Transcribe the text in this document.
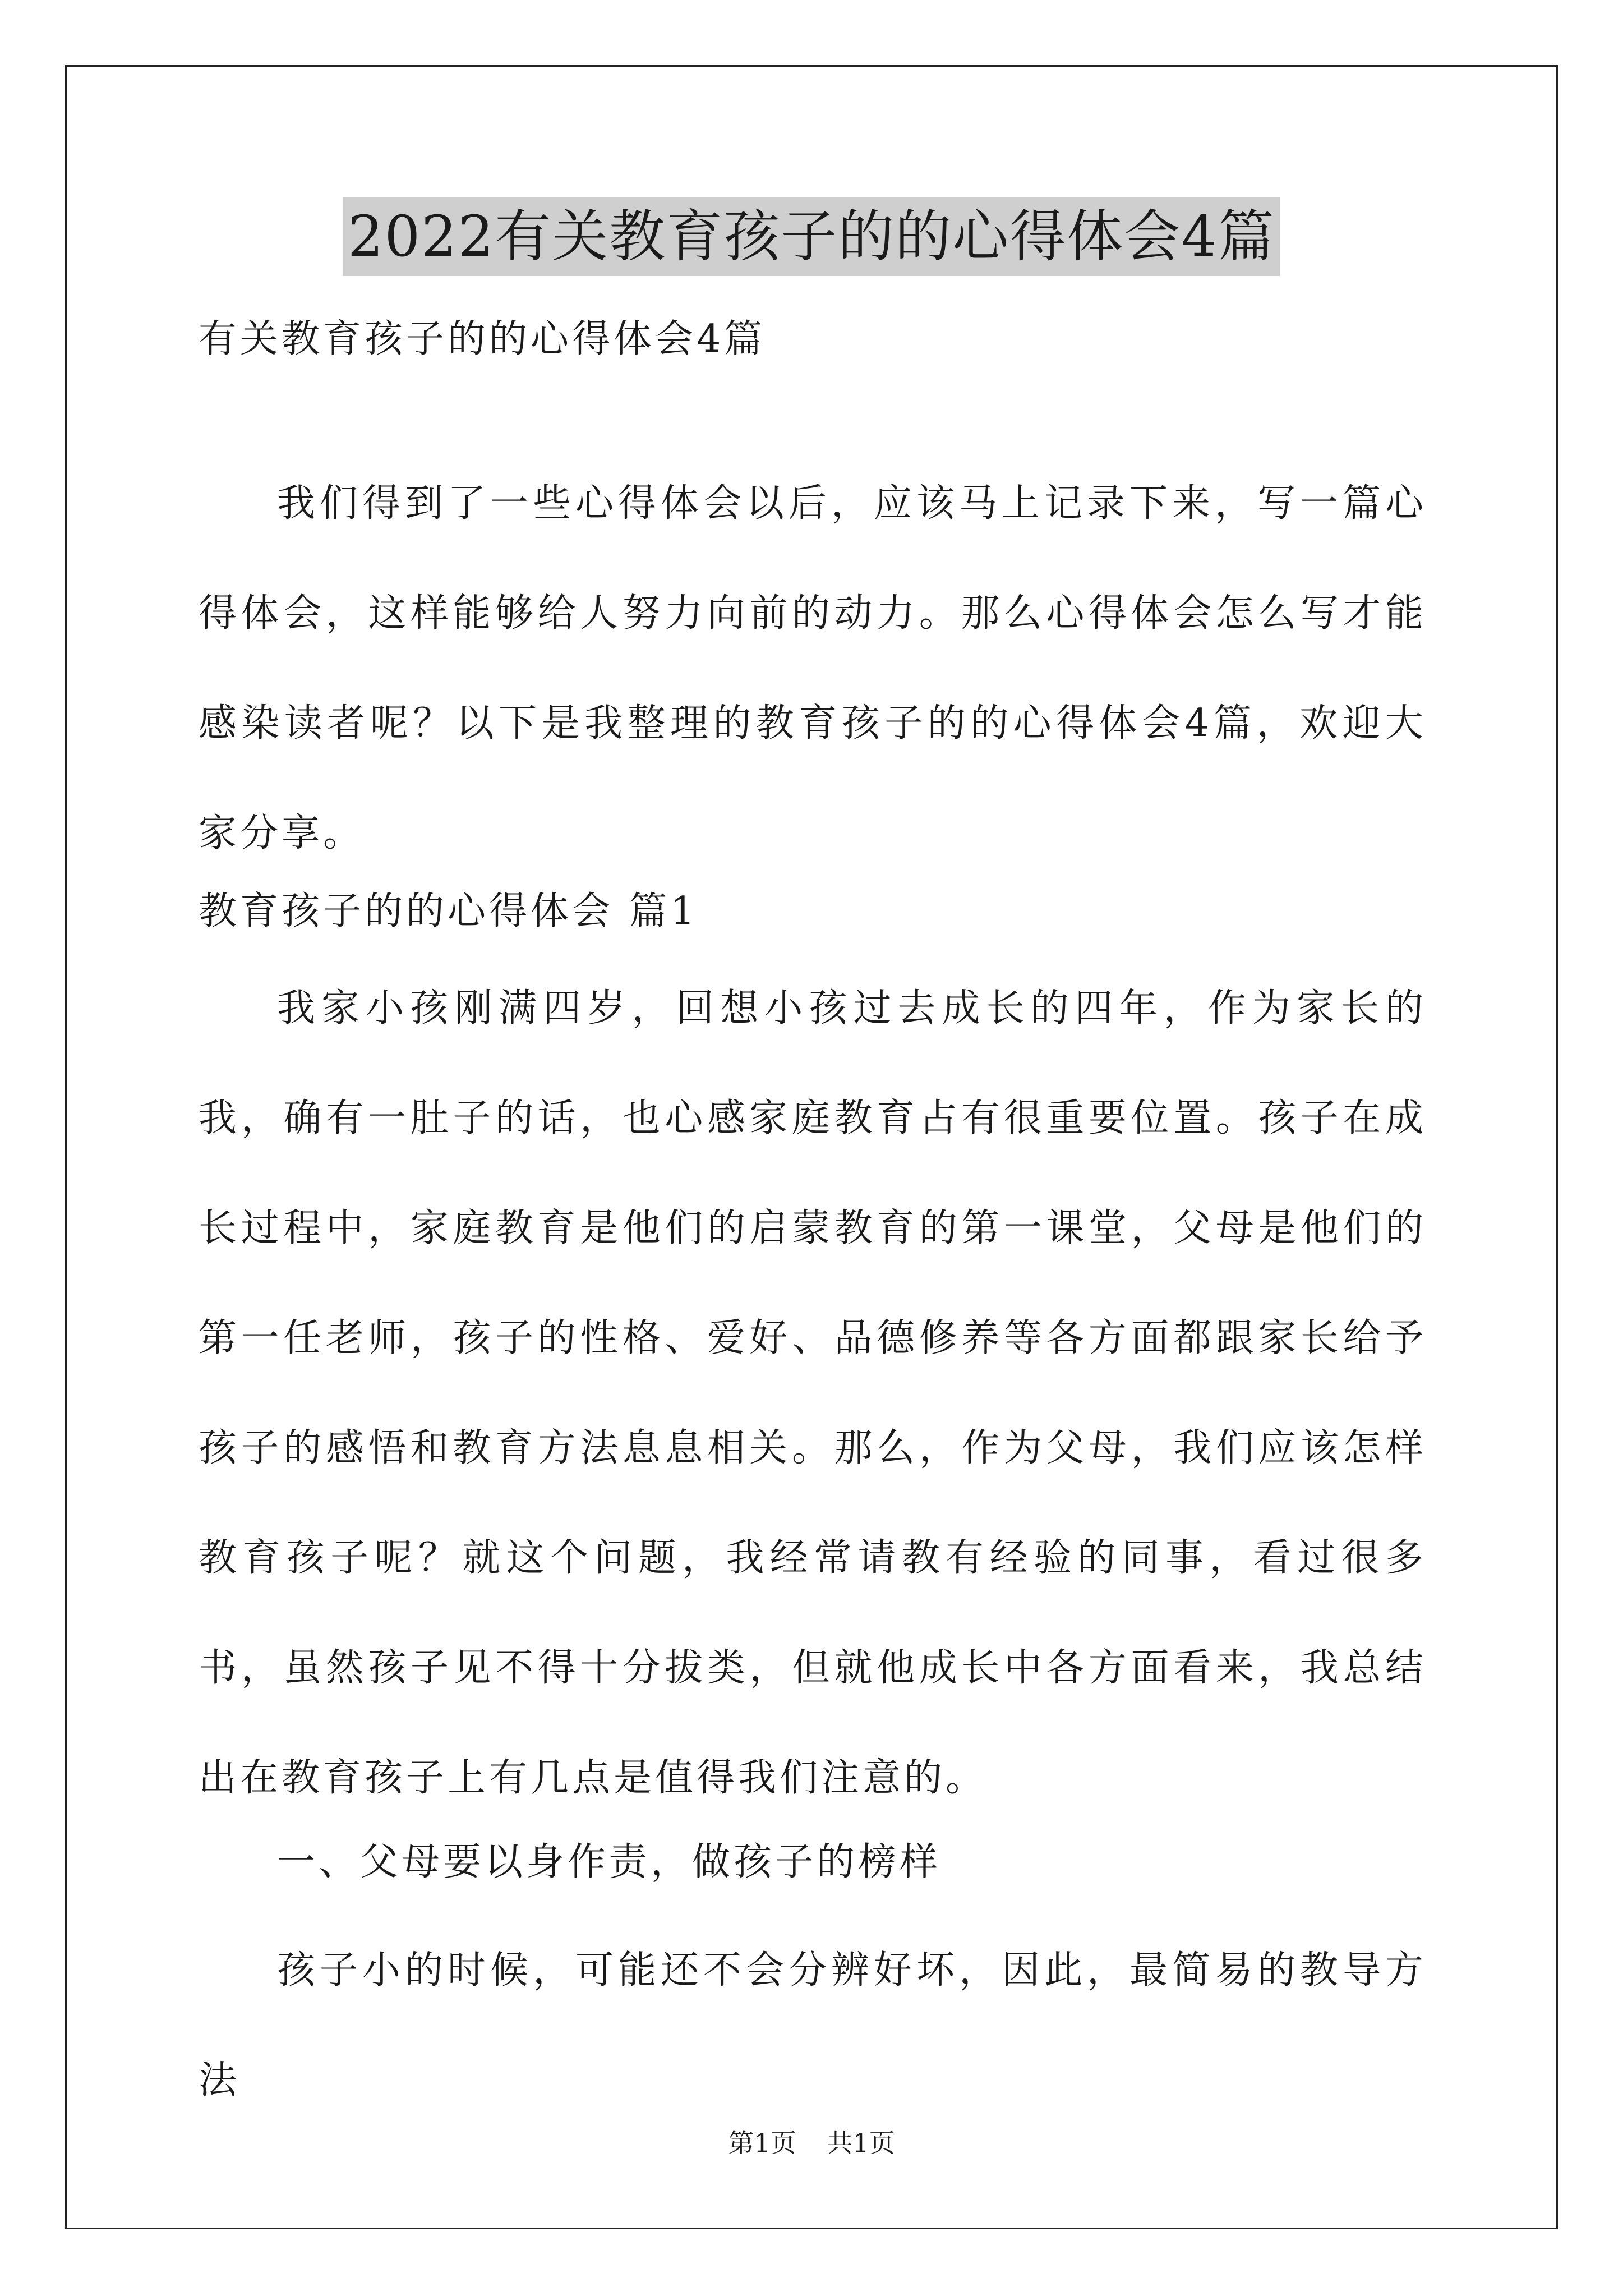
2022有关教育孩子的的心得体会4篇
有关教育孩子的的心得体会4篇
我们得到了一些心得体会以后，应该马上记录下来，写一篇心得体会，这样能够给人努力向前的动力。那么心得体会怎么写才能感染读者呢？以下是我整理的教育孩子的的心得体会4篇，欢迎大家分享。
教育孩子的的心得体会 篇1
我家小孩刚满四岁，回想小孩过去成长的四年，作为家长的我，确有一肚子的话，也心感家庭教育占有很重要位置。孩子在成长过程中，家庭教育是他们的启蒙教育的第一课堂，父母是他们的第一任老师，孩子的性格、爱好、品德修养等各方面都跟家长给予孩子的感悟和教育方法息息相关。那么，作为父母，我们应该怎样教育孩子呢？就这个问题，我经常请教有经验的同事，看过很多书，虽然孩子见不得十分拔类，但就他成长中各方面看来，我总结出在教育孩子上有几点是值得我们注意的。
一、父母要以身作责，做孩子的榜样
孩子小的时候，可能还不会分辨好坏，因此，最简易的教导方法
第1页 共1页
